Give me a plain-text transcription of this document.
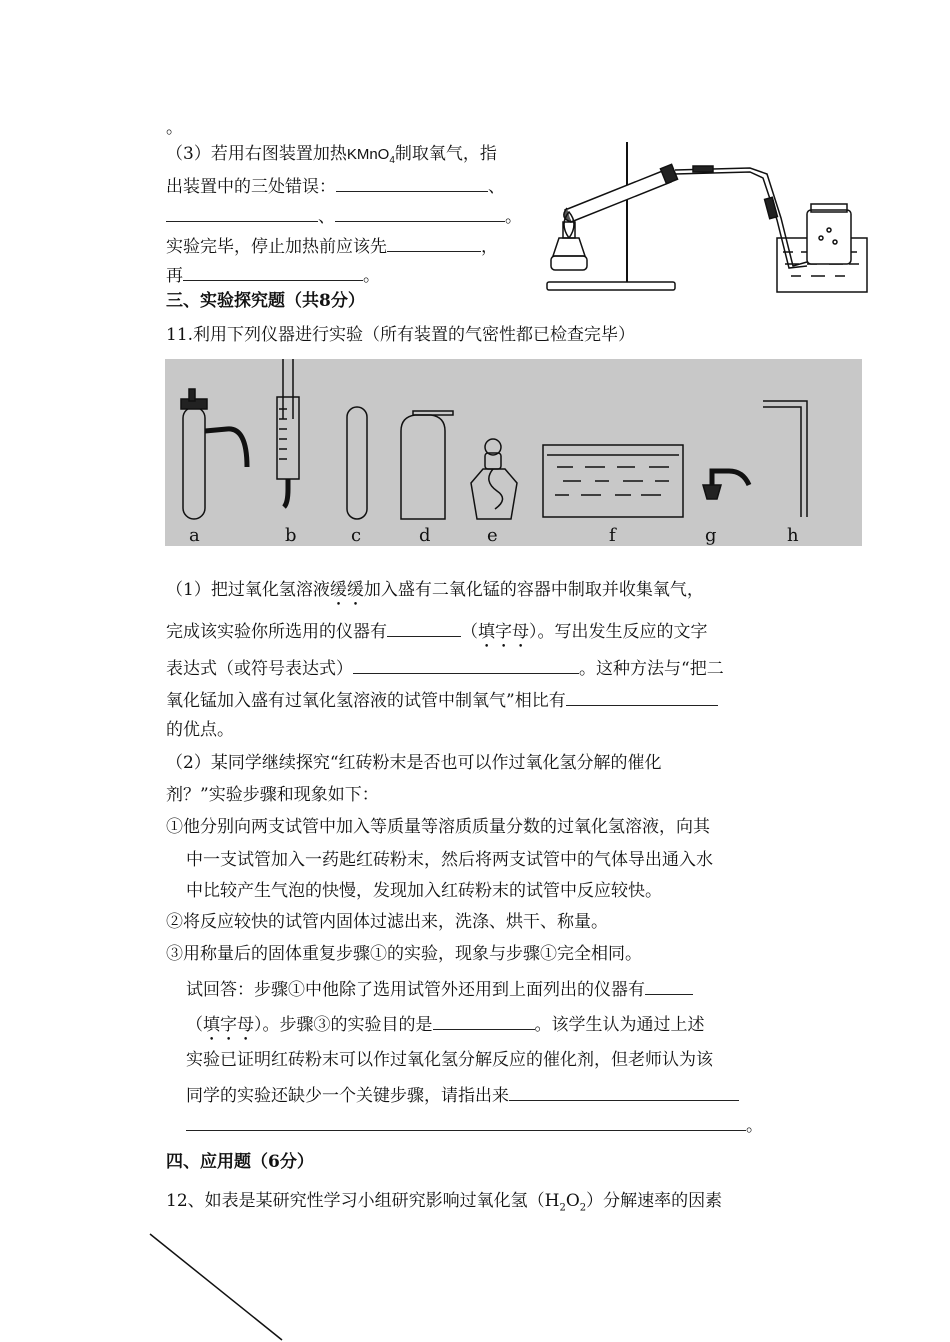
。
（3）若用右图装置加热KMnO$_4$制取氧气，指
出装置中的三处错误：	、
、	。
实验完毕，停止加热前应该先	，
再	。
三、实验探究题（共8分）
11.利用下列仪器进行实验（所有装置的气密性都已检查完毕）
a	b	c	d	e	f	g	h
（1）把过氧化氢溶液缓缓加入盛有二氧化锰的容器中制取并收集氧气，
完成该实验你所选用的仪器有	（填字母）。写出发生反应的文字
表达式（或符号表达式）	。这种方法与“把二
氧化锰加入盛有过氧化氢溶液的试管中制氧气”相比有
的优点。
（2）某同学继续探究“红砖粉末是否也可以作过氧化氢分解的催化
剂？”实验步骤和现象如下：
①他分别向两支试管中加入等质量等溶质质量分数的过氧化氢溶液，向其
中一支试管加入一药匙红砖粉末，然后将两支试管中的气体导出通入水
中比较产生气泡的快慢，发现加入红砖粉末的试管中反应较快。
②将反应较快的试管内固体过滤出来，洗涤、烘干、称量。
③用称量后的固体重复步骤①的实验，现象与步骤①完全相同。
试回答：步骤①中他除了选用试管外还用到上面列出的仪器有
（填字母）。步骤③的实验目的是	。该学生认为通过上述
实验已证明红砖粉末可以作过氧化氢分解反应的催化剂，但老师认为该
同学的实验还缺少一个关键步骤，请指出来
。
四、应用题（6分）
12、如表是某研究性学习小组研究影响过氧化氢$(H_2O_2)$分解速率的因素
